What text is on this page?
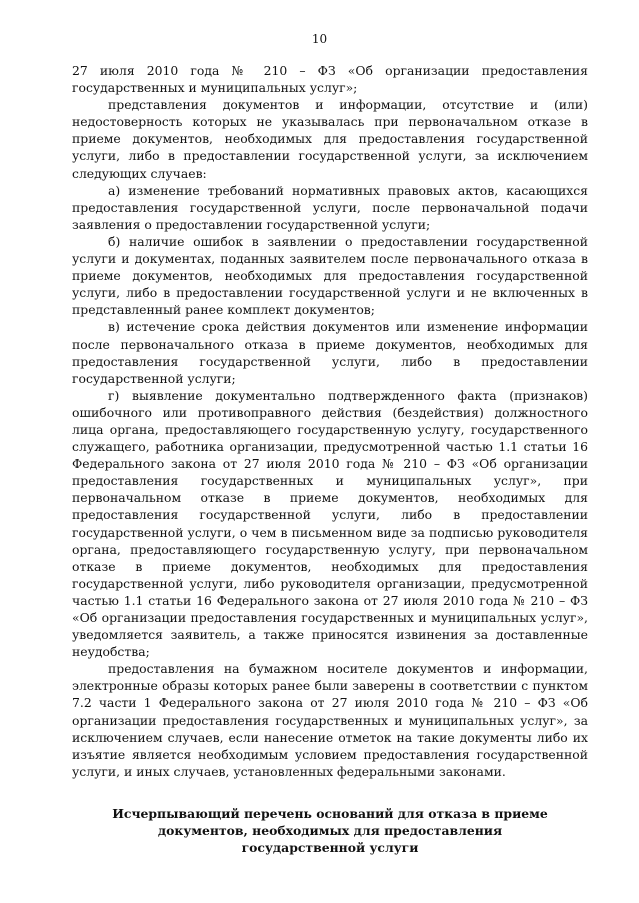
10

27 июля 2010 года № 210 – ФЗ «Об организации предоставления государственных и муниципальных услуг»;

представления документов и информации, отсутствие и (или) недостоверность которых не указывалась при первоначальном отказе в приеме документов, необходимых для предоставления государственной услуги, либо в предоставлении государственной услуги, за исключением следующих случаев:

а) изменение требований нормативных правовых актов, касающихся предоставления государственной услуги, после первоначальной подачи заявления о предоставлении государственной услуги;

б) наличие ошибок в заявлении о предоставлении государственной услуги и документах, поданных заявителем после первоначального отказа в приеме документов, необходимых для предоставления государственной услуги, либо в предоставлении государственной услуги и не включенных в представленный ранее комплект документов;

в) истечение срока действия документов или изменение информации после первоначального отказа в приеме документов, необходимых для предоставления государственной услуги, либо в предоставлении государственной услуги;

г) выявление документально подтвержденного факта (признаков) ошибочного или противоправного действия (бездействия) должностного лица органа, предоставляющего государственную услугу, государственного служащего, работника организации, предусмотренной частью 1.1 статьи 16 Федерального закона от 27 июля 2010 года № 210 – ФЗ «Об организации предоставления государственных и муниципальных услуг», при первоначальном отказе в приеме документов, необходимых для предоставления государственной услуги, либо в предоставлении государственной услуги, о чем в письменном виде за подписью руководителя органа, предоставляющего государственную услугу, при первоначальном отказе в приеме документов, необходимых для предоставления государственной услуги, либо руководителя организации, предусмотренной частью 1.1 статьи 16 Федерального закона от 27 июля 2010 года № 210 – ФЗ «Об организации предоставления государственных и муниципальных услуг», уведомляется заявитель, а также приносятся извинения за доставленные неудобства;

предоставления на бумажном носителе документов и информации, электронные образы которых ранее были заверены в соответствии с пунктом 7.2 части 1 Федерального закона от 27 июля 2010 года № 210 – ФЗ «Об организации предоставления государственных и муниципальных услуг», за исключением случаев, если нанесение отметок на такие документы либо их изъятие является необходимым условием предоставления государственной услуги, и иных случаев, установленных федеральными законами.

Исчерпывающий перечень оснований для отказа в приеме
документов, необходимых для предоставления
государственной услуги
